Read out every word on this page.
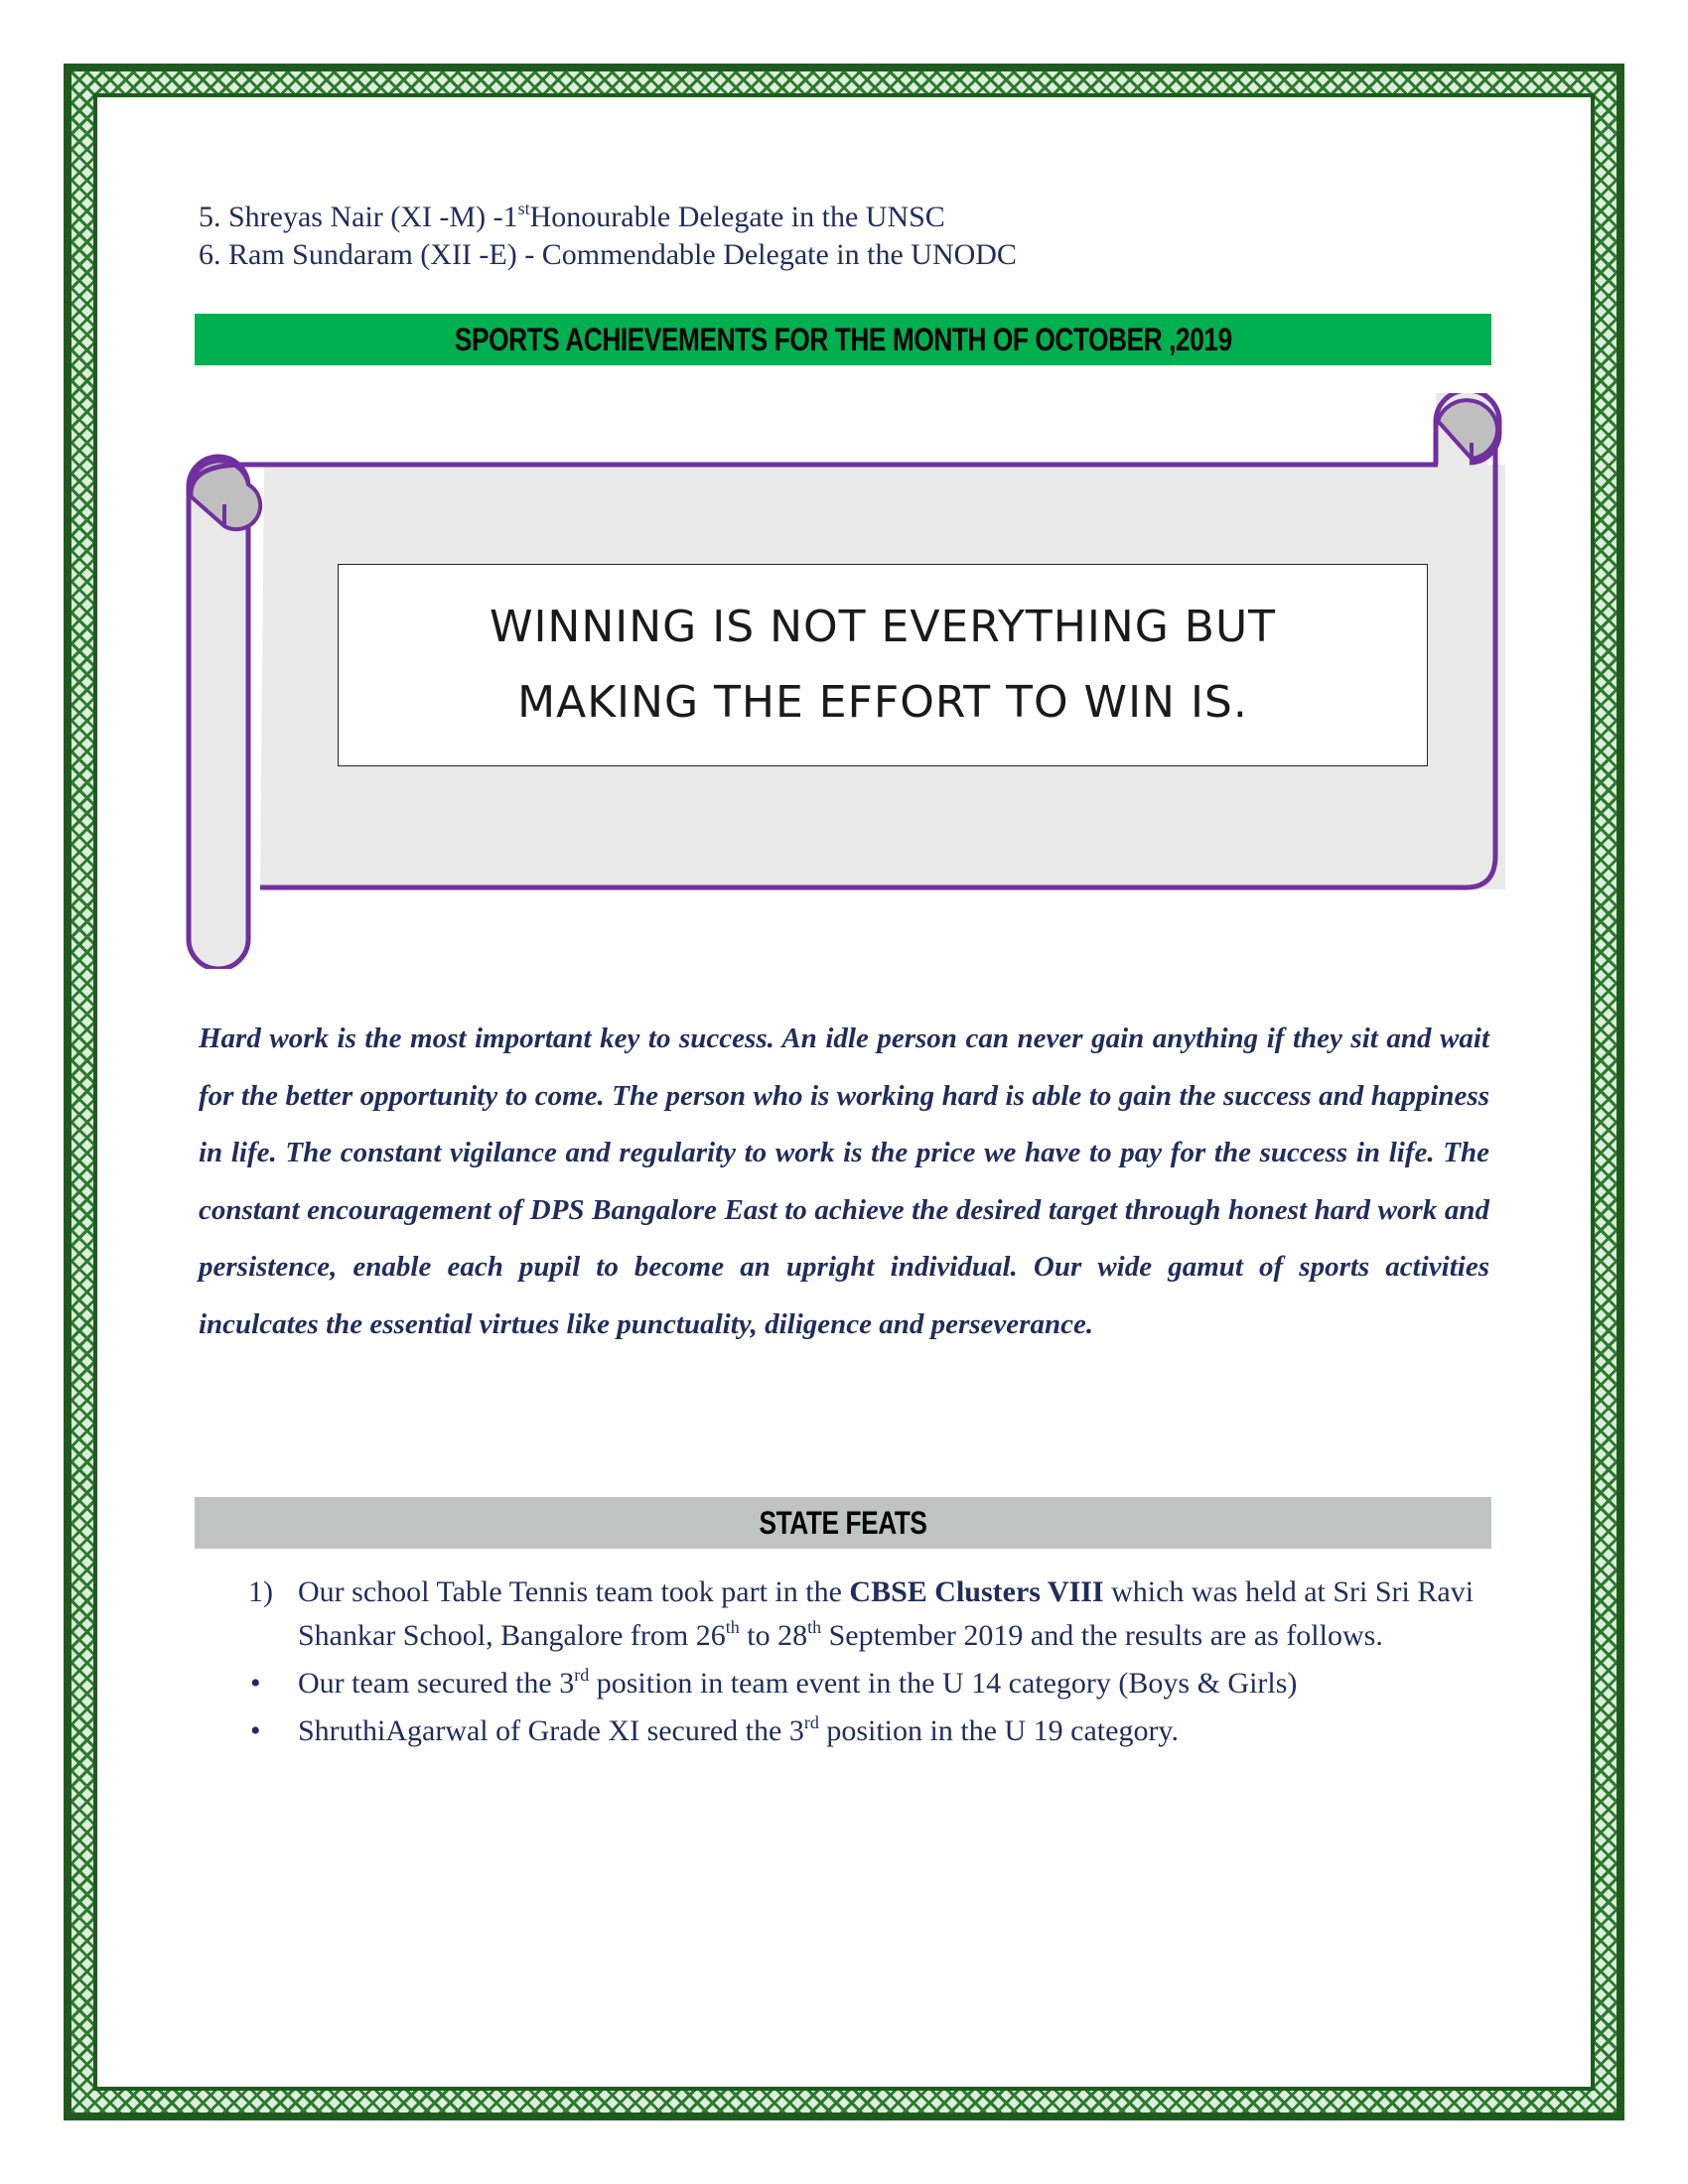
5. Shreyas Nair (XI -M) -1stHonourable Delegate in the UNSC
6. Ram Sundaram (XII -E) - Commendable Delegate in the UNODC
SPORTS ACHIEVEMENTS FOR THE MONTH OF OCTOBER ,2019
WINNING IS NOT EVERYTHING BUT
MAKING THE EFFORT TO WIN IS.
Hard work is the most important key to success. An idle person can never gain anything if they sit and wait for the better opportunity to come. The person who is working hard is able to gain the success and happiness in life. The constant vigilance and regularity to work is the price we have to pay for the success in life. The constant encouragement of DPS Bangalore East to achieve the desired target through honest hard work and persistence, enable each pupil to become an upright individual. Our wide gamut of sports activities inculcates the essential virtues like punctuality, diligence and perseverance.
STATE FEATS
1) Our school Table Tennis team took part in the CBSE Clusters VIII which was held at Sri Sri Ravi Shankar School, Bangalore from 26th to 28th September 2019 and the results are as follows.
• Our team secured the 3rd position in team event in the U 14 category (Boys & Girls)
• ShruthiAgarwal of Grade XI secured the 3rd position in the U 19 category.
